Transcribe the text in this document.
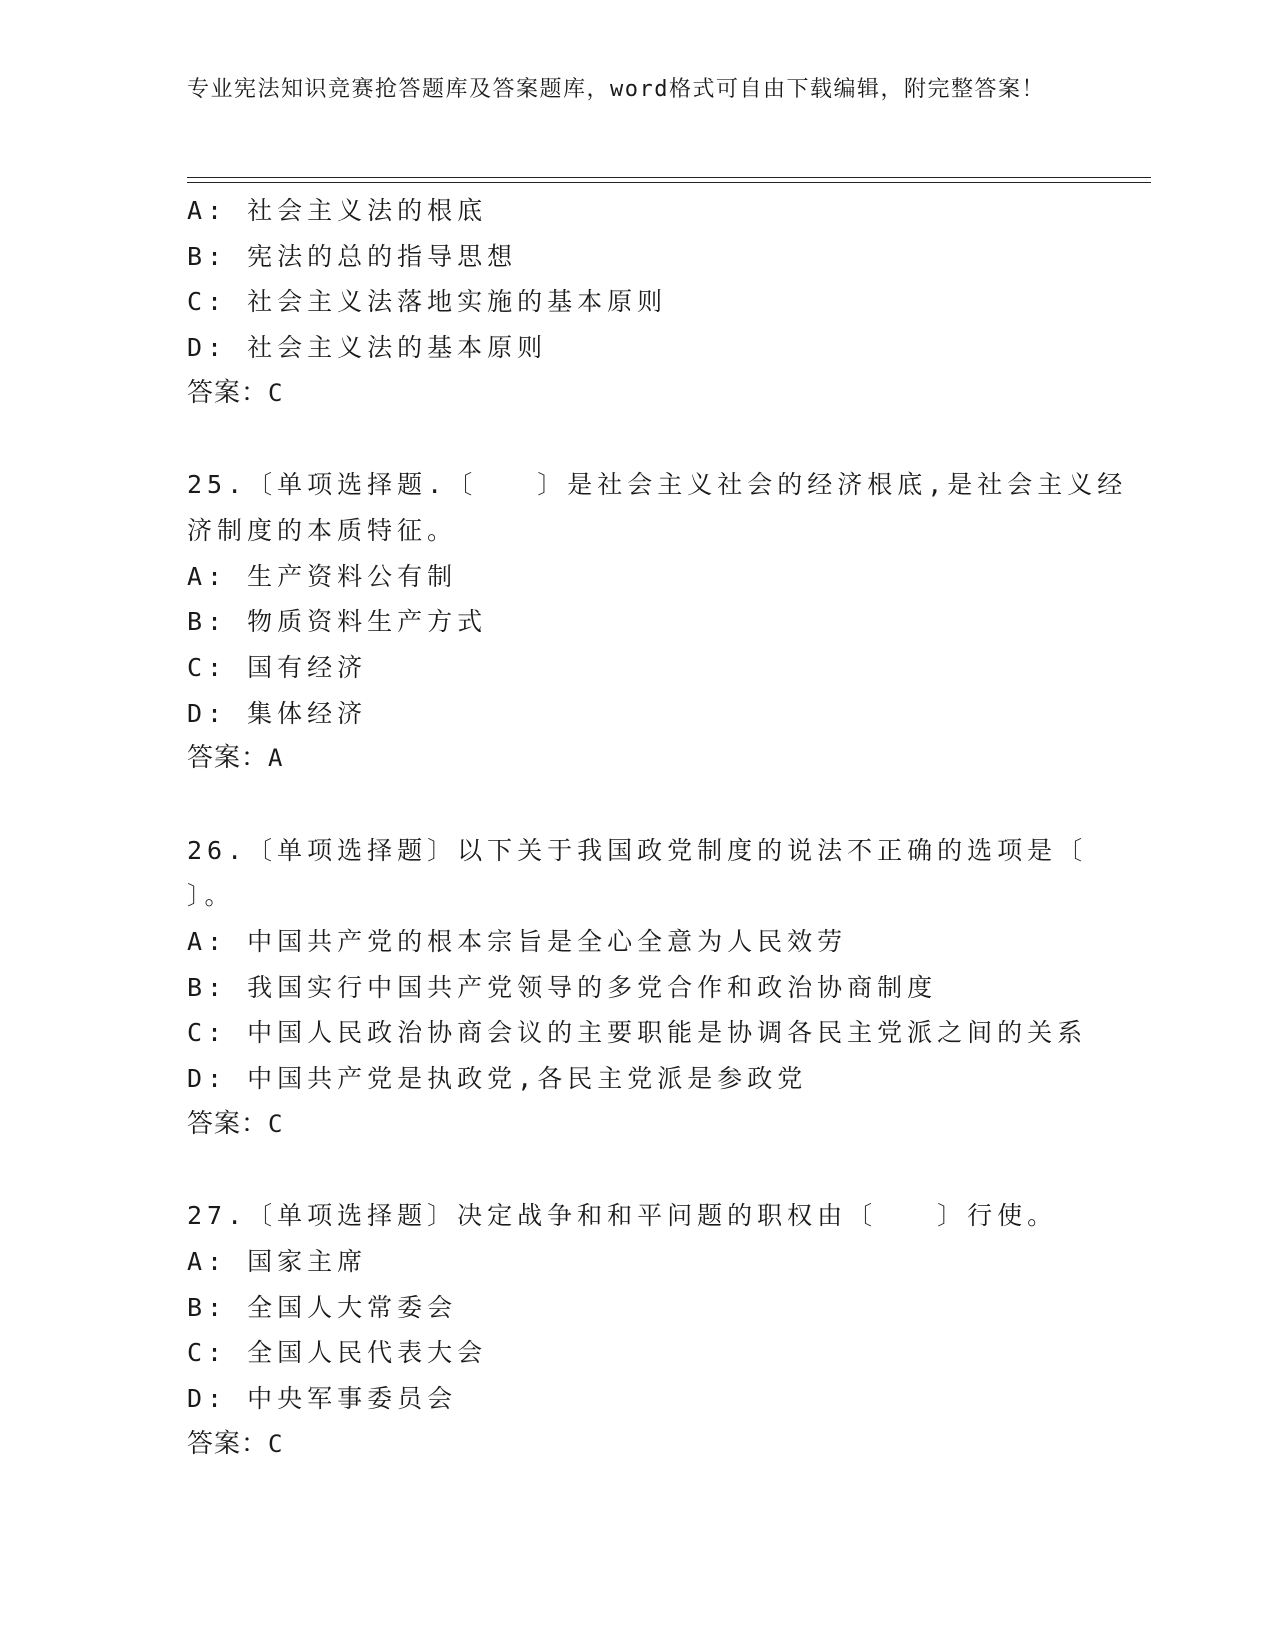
专业宪法知识竞赛抢答题库及答案题库，word格式可自由下载编辑，附完整答案！
A: 社会主义法的根底
B: 宪法的总的指导思想
C: 社会主义法落地实施的基本原则
D: 社会主义法的基本原则
答案：C
25.〔单项选择题.〔　　〕是社会主义社会的经济根底,是社会主义经
济制度的本质特征。
A: 生产资料公有制
B: 物质资料生产方式
C: 国有经济
D: 集体经济
答案：A
26.〔单项选择题〕以下关于我国政党制度的说法不正确的选项是〔
〕。
A: 中国共产党的根本宗旨是全心全意为人民效劳
B: 我国实行中国共产党领导的多党合作和政治协商制度
C: 中国人民政治协商会议的主要职能是协调各民主党派之间的关系
D: 中国共产党是执政党,各民主党派是参政党
答案：C
27.〔单项选择题〕决定战争和和平问题的职权由〔　　〕行使。
A: 国家主席
B: 全国人大常委会
C: 全国人民代表大会
D: 中央军事委员会
答案：C
